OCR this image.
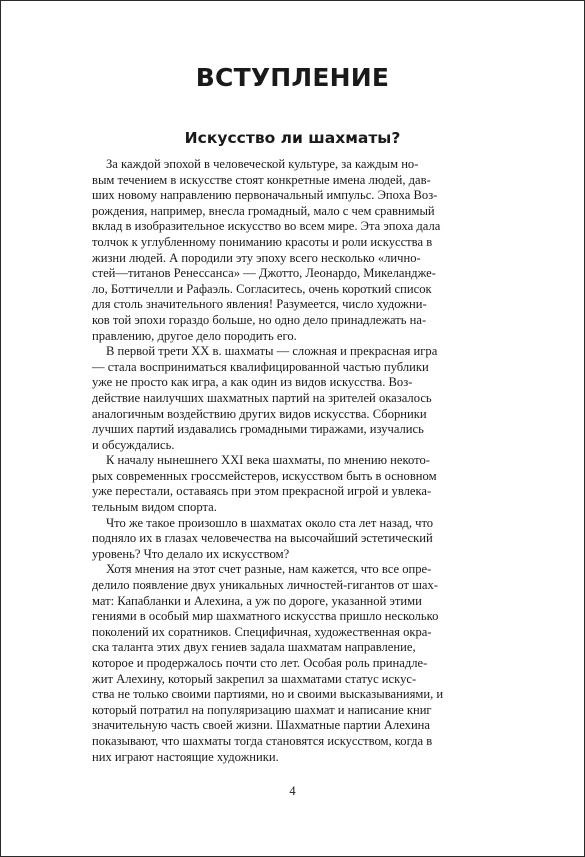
ВСТУПЛЕНИЕ
Искусство ли шахматы?
За каждой эпохой в человеческой культуре, за каждым но-
вым течением в искусстве стоят конкретные имена людей, дав-
ших новому направлению первоначальный импульс. Эпоха Воз-
рождения, например, внесла громадный, мало с чем сравнимый
вклад в изобразительное искусство во всем мире. Эта эпоха дала
толчок к углубленному пониманию красоты и роли искусства в
жизни людей. А породили эту эпоху всего несколько «лично-
стей—титанов Ренессанса» — Джотто, Леонардо, Микеландже-
ло, Боттичелли и Рафаэль. Согласитесь, очень короткий список
для столь значительного явления! Разумеется, число художни-
ков той эпохи гораздо больше, но одно дело принадлежать на-
правлению, другое дело породить его.
В первой трети XX в. шахматы — сложная и прекрасная игра
— стала восприниматься квалифицированной частью публики
уже не просто как игра, а как один из видов искусства. Воз-
действие наилучших шахматных партий на зрителей оказалось
аналогичным воздействию других видов искусства. Сборники
лучших партий издавались громадными тиражами, изучались
и обсуждались.
К началу нынешнего XXI века шахматы, по мнению некото-
рых современных гроссмейстеров, искусством быть в основном
уже перестали, оставаясь при этом прекрасной игрой и увлека-
тельным видом спорта.
Что же такое произошло в шахматах около ста лет назад, что
подняло их в глазах человечества на высочайший эстетический
уровень? Что делало их искусством?
Хотя мнения на этот счет разные, нам кажется, что все опре-
делило появление двух уникальных личностей-гигантов от шах-
мат: Капабланки и Алехина, а уж по дороге, указанной этими
гениями в особый мир шахматного искусства пришло несколько
поколений их соратников. Специфичная, художественная окра-
ска таланта этих двух гениев задала шахматам направление,
которое и продержалось почти сто лет. Особая роль принадле-
жит Алехину, который закрепил за шахматами статус искус-
ства не только своими партиями, но и своими высказываниями, и
который потратил на популяризацию шахмат и написание книг
значительную часть своей жизни. Шахматные партии Алехина
показывают, что шахматы тогда становятся искусством, когда в
них играют настоящие художники.
4
